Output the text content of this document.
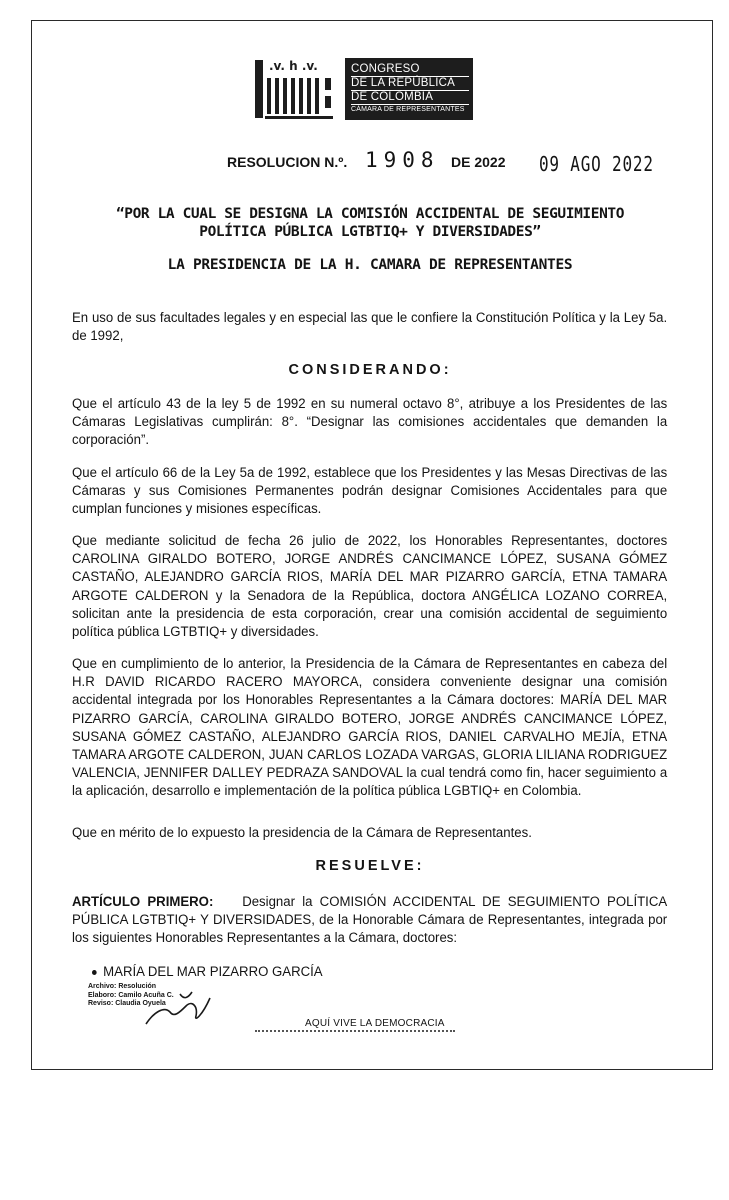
.v. h .v.	CONGRESO
DE LA REPÚBLICA
DE COLOMBIA
CÁMARA DE REPRESENTANTES
RESOLUCION N.º. 1908 DE 2022 09 AGO 2022
“POR LA CUAL SE DESIGNA LA COMISIÓN ACCIDENTAL DE SEGUIMIENTO
POLÍTICA PÚBLICA LGTBTIQ+ Y DIVERSIDADES”
LA PRESIDENCIA DE LA H. CAMARA DE REPRESENTANTES
En uso de sus facultades legales y en especial las que le confiere la Constitución Política y la Ley 5a. de 1992,
CONSIDERANDO:
Que el artículo 43 de la ley 5 de 1992 en su numeral octavo 8°, atribuye a los Presidentes de las Cámaras Legislativas cumplirán: 8°. “Designar las comisiones accidentales que demanden la corporación”.
Que el artículo 66 de la Ley 5a de 1992, establece que los Presidentes y las Mesas Directivas de las Cámaras y sus Comisiones Permanentes podrán designar Comisiones Accidentales para que cumplan funciones y misiones específicas.
Que mediante solicitud de fecha 26 julio de 2022, los Honorables Representantes, doctores CAROLINA GIRALDO BOTERO, JORGE ANDRÉS CANCIMANCE LÓPEZ, SUSANA GÓMEZ CASTAÑO, ALEJANDRO GARCÍA RIOS, MARÍA DEL MAR PIZARRO GARCÍA, ETNA TAMARA ARGOTE CALDERON y la Senadora de la República, doctora ANGÉLICA LOZANO CORREA, solicitan ante la presidencia de esta corporación, crear una comisión accidental de seguimiento política pública LGTBTIQ+ y diversidades.
Que en cumplimiento de lo anterior, la Presidencia de la Cámara de Representantes en cabeza del H.R DAVID RICARDO RACERO MAYORCA, considera conveniente designar una comisión accidental integrada por los Honorables Representantes a la Cámara doctores: MARÍA DEL MAR PIZARRO GARCÍA, CAROLINA GIRALDO BOTERO, JORGE ANDRÉS CANCIMANCE LÓPEZ, SUSANA GÓMEZ CASTAÑO, ALEJANDRO GARCÍA RIOS, DANIEL CARVALHO MEJÍA, ETNA TAMARA ARGOTE CALDERON, JUAN CARLOS LOZADA VARGAS, GLORIA LILIANA RODRIGUEZ VALENCIA, JENNIFER DALLEY PEDRAZA SANDOVAL la cual tendrá como fin, hacer seguimiento a la aplicación, desarrollo e implementación de la política pública LGBTIQ+ en Colombia.
Que en mérito de lo expuesto la presidencia de la Cámara de Representantes.
RESUELVE:
ARTÍCULO PRIMERO: Designar la COMISIÓN ACCIDENTAL DE SEGUIMIENTO POLÍTICA PÚBLICA LGTBTIQ+ Y DIVERSIDADES, de la Honorable Cámara de Representantes, integrada por los siguientes Honorables Representantes a la Cámara, doctores:
MARÍA DEL MAR PIZARRO GARCÍA
Archivo: Resolución
Elaboro: Camilo Acuña C.
Reviso: Claudia Oyuela
AQUÍ VIVE LA DEMOCRACIA
